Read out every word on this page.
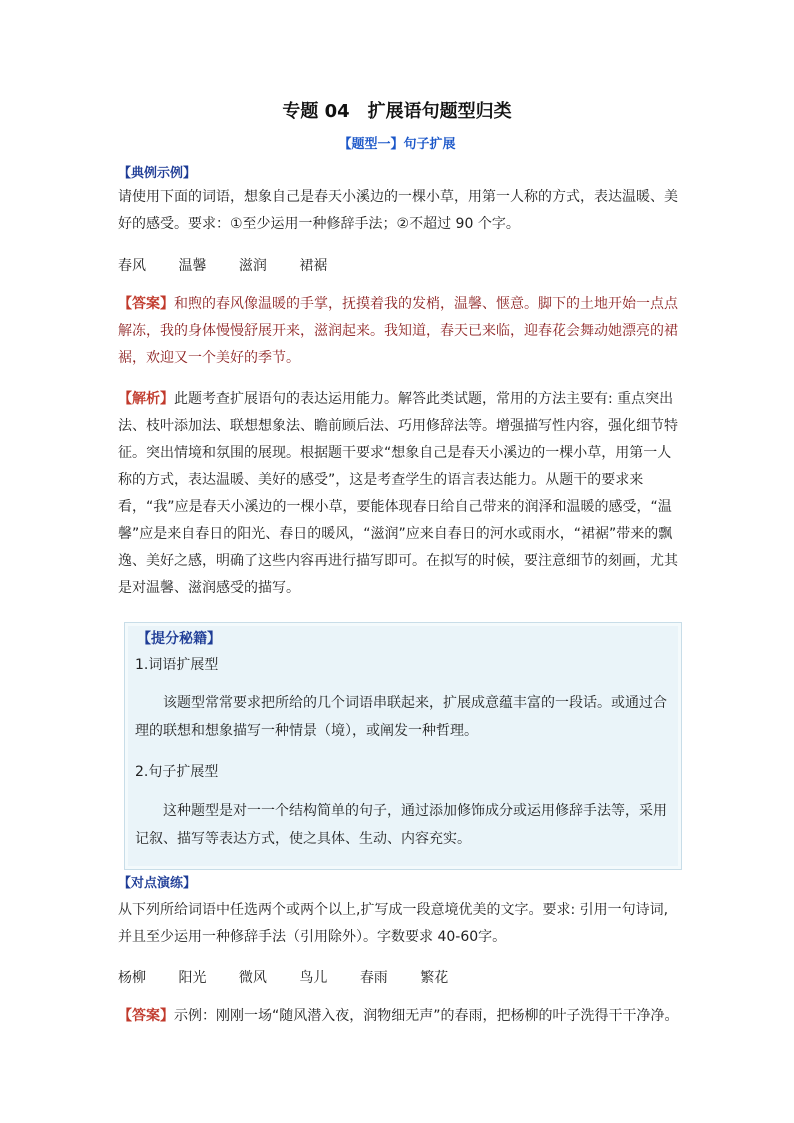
专题 04　扩展语句题型归类
【题型一】句子扩展
【典例示例】
请使用下面的词语，想象自己是春天小溪边的一棵小草，用第一人称的方式，表达温暖、美好的感受。要求：①至少运用一种修辞手法；②不超过 90 个字。
春风 温馨 滋润 裙裾
【答案】和煦的春风像温暖的手掌，抚摸着我的发梢，温馨、惬意。脚下的土地开始一点点解冻，我的身体慢慢舒展开来，滋润起来。我知道，春天已来临，迎春花会舞动她漂亮的裙裾，欢迎又一个美好的季节。
【解析】此题考查扩展语句的表达运用能力。解答此类试题，常用的方法主要有: 重点突出法、枝叶添加法、联想想象法、瞻前顾后法、巧用修辞法等。增强描写性内容，强化细节特征。突出情境和氛围的展现。根据题干要求“想象自己是春天小溪边的一棵小草，用第一人称的方式，表达温暖、美好的感受”，这是考查学生的语言表达能力。从题干的要求来看，“我”应是春天小溪边的一棵小草，要能体现春日给自己带来的润泽和温暖的感受，“温馨”应是来自春日的阳光、春日的暖风，“滋润”应来自春日的河水或雨水，“裙裾”带来的飘逸、美好之感，明确了这些内容再进行描写即可。在拟写的时候，要注意细节的刻画，尤其是对温馨、滋润感受的描写。
【提分秘籍】
1.词语扩展型
该题型常常要求把所给的几个词语串联起来，扩展成意蕴丰富的一段话。或通过合理的联想和想象描写一种情景（境），或阐发一种哲理。
2.句子扩展型
这种题型是对一一个结构简单的句子，通过添加修饰成分或运用修辞手法等，采用记叙、描写等表达方式，使之具体、生动、内容充实。
【对点演练】
从下列所给词语中任选两个或两个以上,扩写成一段意境优美的文字。要求: 引用一句诗词,并且至少运用一种修辞手法（引用除外）。字数要求 40-60字。
杨柳 阳光 微风 鸟儿 春雨 繁花
【答案】示例：刚刚一场“随风潜入夜，润物细无声”的春雨，把杨柳的叶子洗得干干净净。
